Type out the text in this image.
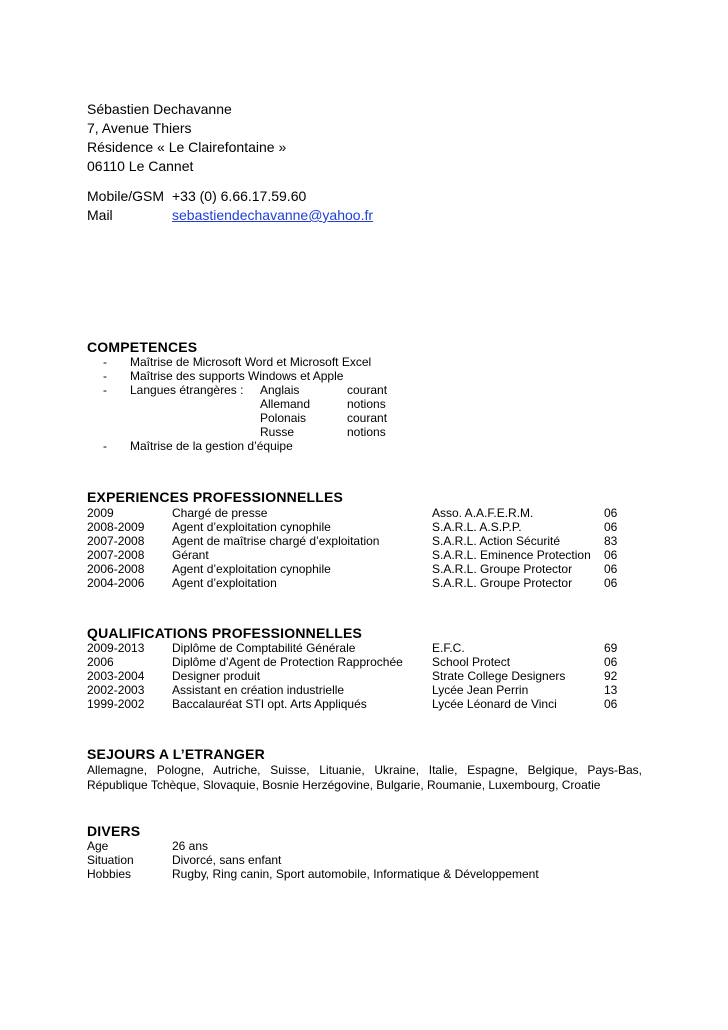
Sébastien Dechavanne
7, Avenue Thiers
Résidence « Le Clairefontaine »
06110 Le Cannet
Mobile/GSM +33 (0) 6.66.17.59.60
Mail	sebastiendechavanne@yahoo.fr
COMPETENCES
-	Maîtrise de Microsoft Word et Microsoft Excel
-	Maîtrise des supports Windows et Apple
-	Langues étrangères :	Anglais	courant
Allemand	notions
Polonais	courant
Russe	notions
-	Maîtrise de la gestion d’équipe
EXPERIENCES PROFESSIONNELLES
2009	Chargé de presse	Asso. A.A.F.E.R.M.	06
2008-2009	Agent d’exploitation cynophile	S.A.R.L. A.S.P.P.	06
2007-2008	Agent de maîtrise chargé d’exploitation	S.A.R.L. Action Sécurité	83
2007-2008	Gérant	S.A.R.L. Eminence Protection	06
2006-2008	Agent d’exploitation cynophile	S.A.R.L. Groupe Protector	06
2004-2006	Agent d’exploitation	S.A.R.L. Groupe Protector	06
QUALIFICATIONS PROFESSIONNELLES
2009-2013	Diplôme de Comptabilité Générale	E.F.C.	69
2006	Diplôme d’Agent de Protection Rapprochée	School Protect	06
2003-2004	Designer produit	Strate College Designers	92
2002-2003	Assistant en création industrielle	Lycée Jean Perrin	13
1999-2002	Baccalauréat STI opt. Arts Appliqués	Lycée Léonard de Vinci	06
SEJOURS A L’ETRANGER
Allemagne, Pologne, Autriche, Suisse, Lituanie, Ukraine, Italie, Espagne, Belgique, Pays-Bas,
République Tchèque, Slovaquie, Bosnie Herzégovine, Bulgarie, Roumanie, Luxembourg, Croatie
DIVERS
Age	26 ans
Situation	Divorcé, sans enfant
Hobbies	Rugby, Ring canin, Sport automobile, Informatique & Développement
